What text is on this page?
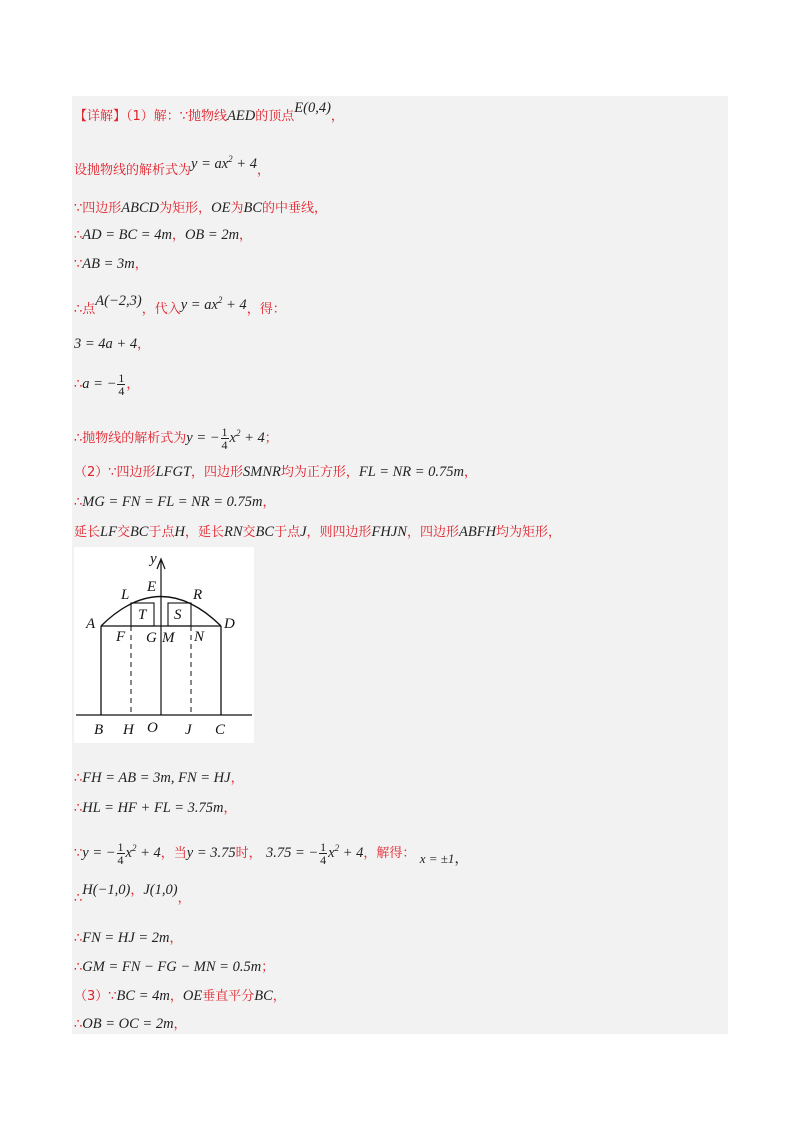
【详解】（1）解：∵抛物线AED的顶点E(0,4)，
设抛物线的解析式为$y = ax^2 + 4$，
∵四边形ABCD为矩形，OE为BC的中垂线，
∴AD = BC = 4m，OB = 2m，
∵AB = 3m，
∴点A(−2,3)，代入$y = ax^2 + 4$，得：
3 = 4a + 4，
∴a = − $\frac{1}{4}$ ，
∴抛物线的解析式为y = − $\frac{1}{4} x^2 + 4$；
（2）∵四边形LFGT，四边形SMNR均为正方形，FL = NR = 0.75m，
∴MG = FN = FL = NR = 0.75m，
延长LF交BC于点H，延长RN交BC于点J，则四边形FHJN，四边形ABFH均为矩形，
y
E
L	R
T S
A
F G M N
D
B H O J C
∴FH = AB = 3m, FN = HJ，
∴HL = HF + FL = 3.75m，
∵y = − $\frac{1}{4} x^2 + 4$，当y = 3.75时， 3.75 = − $\frac{1}{4} x^2 + 4$，解得： x = ±1，
∴H(−1,0)，J(1,0)，
∴FN = HJ = 2m，
∴GM = FN − FG − MN = 0.5m；
（3）∵BC = 4m，OE垂直平分BC，
∴OB = OC = 2m，
